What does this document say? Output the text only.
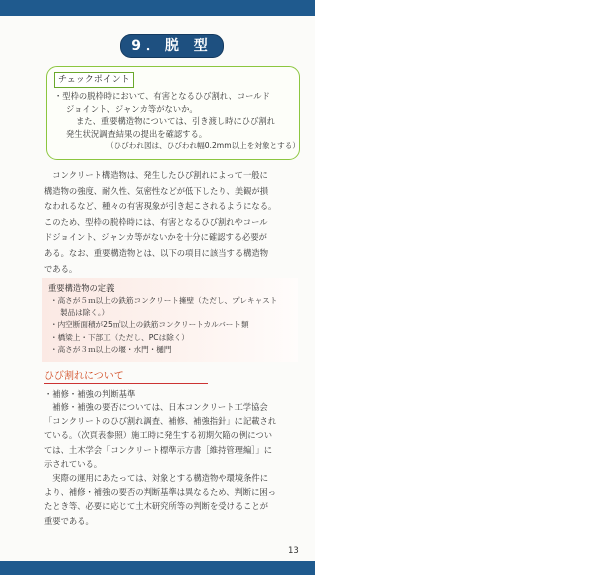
9．脱 型
チェックポイント
・型枠の脱枠時において、有害となるひび割れ、コールド
ジョイント、ジャンカ等がないか。
また、重要構造物については、引き渡し時にひび割れ
発生状況調査結果の提出を確認する。
（ひびわれ図は、ひびわれ幅0.2mm以上を対象とする）
　コンクリート構造物は、発生したひび割れによって一般に
構造物の強度、耐久性、気密性などが低下したり、美観が損
なわれるなど、種々の有害現象が引き起こされるようになる。
このため、型枠の脱枠時には、有害となるひび割れやコール
ドジョイント、ジャンカ等がないかを十分に確認する必要が
ある。なお、重要構造物とは、以下の項目に該当する構造物
である。
重要構造物の定義
・高さが５ｍ以上の鉄筋コンクリート擁壁（ただし、プレキャスト
製品は除く。）
・内空断面積が25㎡以上の鉄筋コンクリートカルバート類
・橋梁上・下部工（ただし、PCは除く）
・高さが３ｍ以上の堰・水門・樋門
ひび割れについて
・補修・補強の判断基準
　補修・補強の要否については、日本コンクリート工学協会
「コンクリートのひび割れ調査、補修、補強指針」に記載され
ている。（次頁表参照）施工時に発生する初期欠陥の例につい
ては、土木学会「コンクリート標準示方書［維持管理編］」に
示されている。
　実際の運用にあたっては、対象とする構造物や環境条件に
より、補修・補強の要否の判断基準は異なるため、判断に困っ
たとき等、必要に応じて土木研究所等の判断を受けることが
重要である。
13
